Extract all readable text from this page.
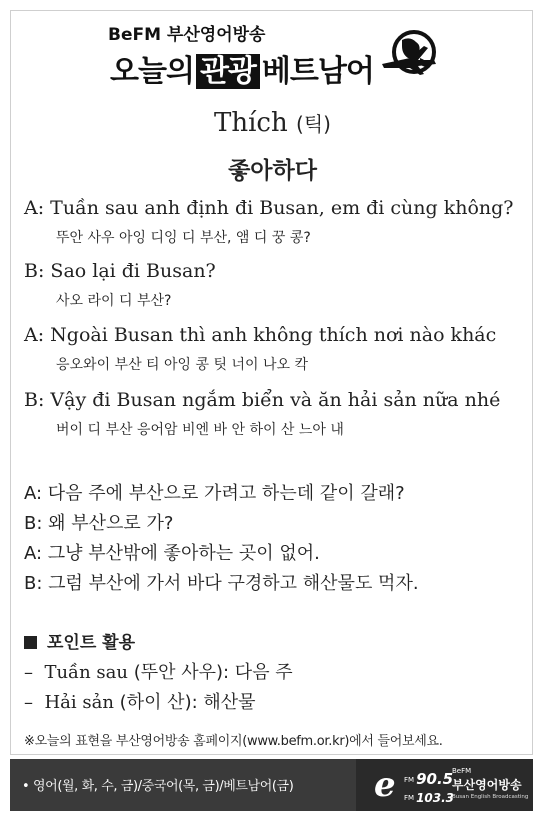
BeFM 부산영어방송
오늘의 관광 베트남어
Thích (틱)
좋아하다
A: Tuần sau anh định đi Busan, em đi cùng không?
뚜안 사우 아잉 디잉 디 부산, 앰 디 꿍 콩?
B: Sao lại đi Busan?
사오 라이 디 부산?
A: Ngoài Busan thì anh không thích nơi nào khác
응오와이 부산 티 아잉 콩 팃 너이 나오 칵
B: Vậy đi Busan ngắm biển và ăn hải sản nữa nhé
버이 디 부산 응어암 비엔 바 안 하이 산 느아 내
A: 다음 주에 부산으로 가려고 하는데 같이 갈래?
B: 왜 부산으로 가?
A: 그냥 부산밖에 좋아하는 곳이 없어.
B: 그럼 부산에 가서 바다 구경하고 해산물도 먹자.
포인트 활용
– Tuần sau (뚜안 사우): 다음 주
– Hải sản (하이 산): 해산물
※오늘의 표현을 부산영어방송 홈페이지(www.befm.or.kr)에서 들어보세요.
• 영어(월, 화, 수, 금)/중국어(목, 금)/베트남어(금) e FM 90.5
FM 103.3
BeFM
부산영어방송
Busan English Broadcasting
